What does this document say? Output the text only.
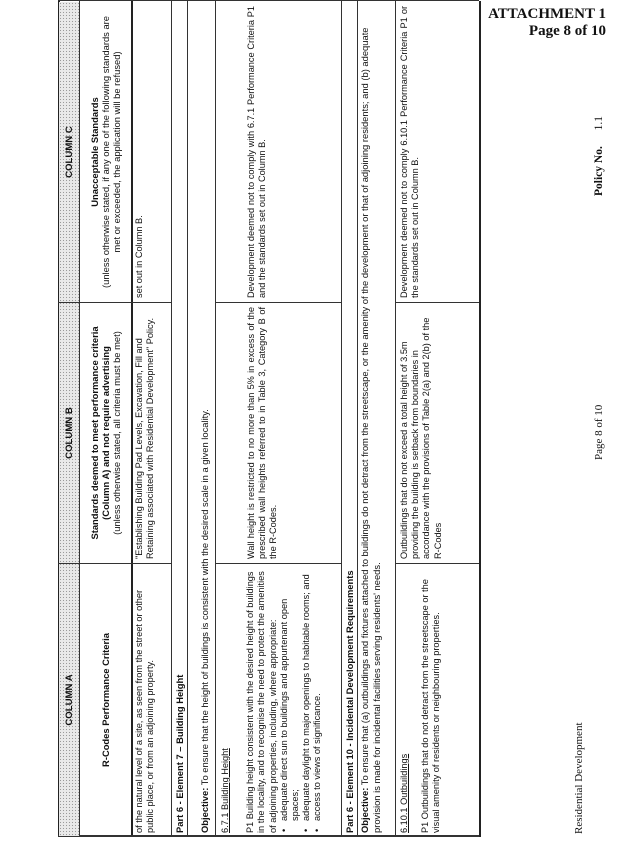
ATTACHMENT 1
Page 8 of 10
COLUMN A
COLUMN B
COLUMN C
R-Codes Performance Criteria
Standards deemed to meet performance criteria (Column A) and not require advertising (unless otherwise stated, all criteria must be met)
Unacceptable Standards (unless otherwise stated, if any one of the following standards are met or exceeded, the application will be refused)
of the natural level of a site, as seen from the street or other public place, or from an adjoining property.
"Establishing Building Pad Levels, Excavation, Fill and Retaining associated with Residential Development" Policy.
set out in Column B.
Part 6 - Element 7 – Building Height Objective: To ensure that the height of buildings is consistent with the desired scale in a given locality.
6.7.1 Building Height P1 Building height consistent with the desired height of buildings in the locality, and to recognise the need to protect the amenities of adjoining properties, including, where appropriate: • adequate direct sun to buildings and appurtenant open spaces; • adequate daylight to major openings to habitable rooms; and • access to views of significance.
Wall height is restricted to no more than 5% in excess of the prescribed wall heights referred to in Table 3, Category B of the R-Codes.
Development deemed not to comply with 6.7.1 Performance Criteria P1 and the standards set out in Column B.
Part 6 - Element 10 - Incidental Development Requirements Objective: To ensure that (a) outbuildings and fixtures attached to buildings do not detract from the streetscape, or the amenity of the development or that of adjoining residents; and (b) adequate provision is made for incidental facilities serving residents' needs. 6.10.1 Outbuildings P1 Outbuildings that do not detract from the streetscape or the visual amenity of residents or neighbouring properties.
Outbuildings that do not exceed a total height of 3.5m providing the building is setback from boundaries in accordance with the provisions of Table 2(a) and 2(b) of the R-Codes
Development deemed not to comply 6.10.1 Performance Criteria P1 or the standards set out in Column B.
Residential Development
Page 8 of 10
Policy No.  1.1
